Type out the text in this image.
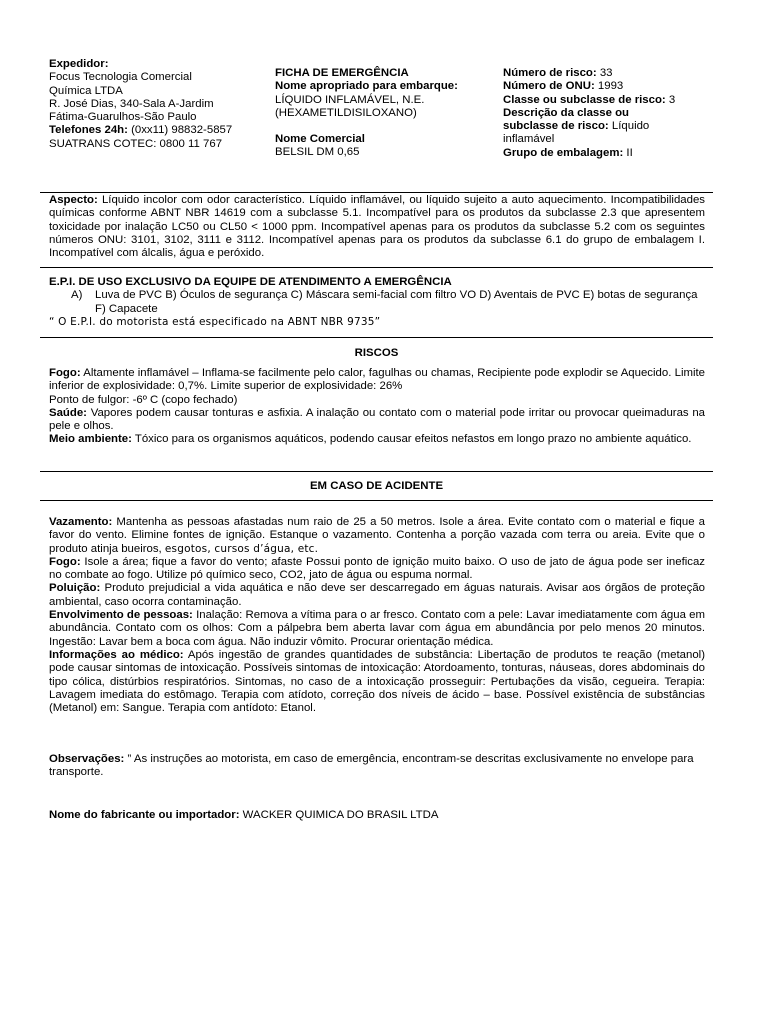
Expedidor:
Focus Tecnologia Comercial
Química LTDA
R. José Dias, 340-Sala A-Jardim
Fátima-Guarulhos-São Paulo
Telefones 24h: (0xx11) 98832-5857
SUATRANS COTEC: 0800 11 767
FICHA DE EMERGÊNCIA
Nome apropriado para embarque:
LÍQUIDO INFLAMÁVEL, N.E.
(HEXAMETILDISILOXANO)
Nome Comercial
BELSIL DM 0,65
Número de risco: 33
Número de ONU: 1993
Classe ou subclasse de risco: 3
Descrição da classe ou
subclasse de risco: Líquido
inflamável
Grupo de embalagem: II
Aspecto: Líquido incolor com odor característico. Líquido inflamável, ou líquido sujeito a auto aquecimento. Incompatibilidades químicas conforme ABNT NBR 14619 com a subclasse 5.1. Incompatível para os produtos da subclasse 2.3 que apresentem toxicidade por inalação LC50 ou CL50 < 1000 ppm. Incompatível apenas para os produtos da subclasse 5.2 com os seguintes números ONU: 3101, 3102, 3111 e 3112. Incompatível apenas para os produtos da subclasse 6.1 do grupo de embalagem I. Incompatível com álcalis, água e peróxido.
E.P.I. DE USO EXCLUSIVO DA EQUIPE DE ATENDIMENTO A EMERGÊNCIA
A) Luva de PVC B) Óculos de segurança C) Máscara semi-facial com filtro VO D) Aventais de PVC E) botas de segurança F) Capacete
“ O E.P.I. do motorista está especificado na ABNT NBR 9735”
RISCOS
Fogo: Altamente inflamável – Inflama-se facilmente pelo calor, fagulhas ou chamas, Recipiente pode explodir se Aquecido. Limite inferior de explosividade: 0,7%. Limite superior de explosividade: 26%
Ponto de fulgor: -6º C (copo fechado)
Saúde: Vapores podem causar tonturas e asfixia. A inalação ou contato com o material pode irritar ou provocar queimaduras na pele e olhos.
Meio ambiente: Tóxico para os organismos aquáticos, podendo causar efeitos nefastos em longo prazo no ambiente aquático.
EM CASO DE ACIDENTE
Vazamento: Mantenha as pessoas afastadas num raio de 25 a 50 metros. Isole a área. Evite contato com o material e fique a favor do vento. Elimine fontes de ignição. Estanque o vazamento. Contenha a porção vazada com terra ou areia. Evite que o produto atinja bueiros, esgotos, cursos d’água, etc.
Fogo: Isole a área; fique a favor do vento; afaste Possui ponto de ignição muito baixo. O uso de jato de água pode ser ineficaz no combate ao fogo. Utilize pó químico seco, CO2, jato de água ou espuma normal.
Poluição: Produto prejudicial a vida aquática e não deve ser descarregado em águas naturais. Avisar aos órgãos de proteção ambiental, caso ocorra contaminação.
Envolvimento de pessoas: Inalação: Remova a vítima para o ar fresco. Contato com a pele: Lavar imediatamente com água em abundância. Contato com os olhos: Com a pálpebra bem aberta lavar com água em abundância por pelo menos 20 minutos. Ingestão: Lavar bem a boca com água. Não induzir vômito. Procurar orientação médica.
Informações ao médico: Após ingestão de grandes quantidades de substância: Libertação de produtos te reação (metanol) pode causar sintomas de intoxicação. Possíveis sintomas de intoxicação: Atordoamento, tonturas, náuseas, dores abdominais do tipo cólica, distúrbios respiratórios. Sintomas, no caso de a intoxicação prosseguir: Pertubações da visão, cegueira. Terapia: Lavagem imediata do estômago. Terapia com atídoto, correção dos níveis de ácido – base. Possível existência de substâncias (Metanol) em: Sangue. Terapia com antídoto: Etanol.
Observações: ” As instruções ao motorista, em caso de emergência, encontram-se descritas exclusivamente no envelope para transporte.
Nome do fabricante ou importador: WACKER QUIMICA DO BRASIL LTDA
